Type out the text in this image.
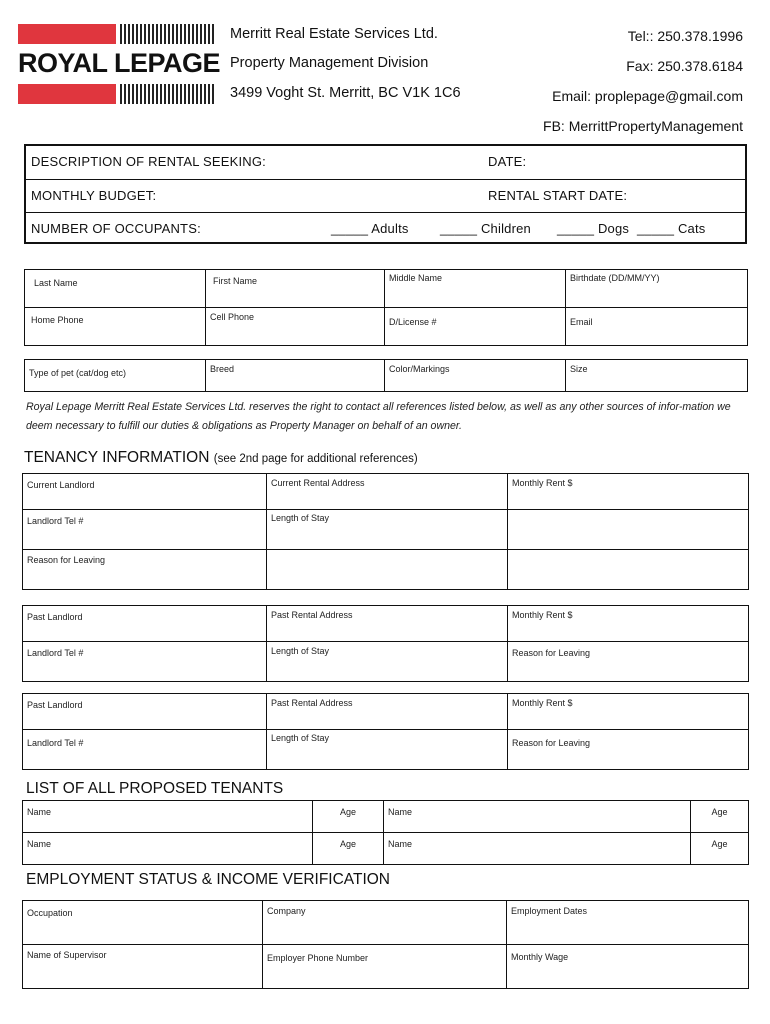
ROYAL LEPAGE
Merritt Real Estate Services Ltd.
Property Management Division
3499 Voght St. Merritt, BC V1K 1C6
Tel:: 250.378.1996
Fax: 250.378.6184
Email: proplepage@gmail.com
FB: MerrittPropertyManagement
DESCRIPTION OF RENTAL SEEKING:	DATE:
MONTHLY BUDGET:	RENTAL START DATE:
NUMBER OF OCCUPANTS:	_____ Adults _____ Children _____ Dogs _____ Cats
Last Name	First Name	Middle Name	Birthdate (DD/MM/YY)

Home Phone	Cell Phone	D/License #	Email
Type of pet (cat/dog etc)	Breed	Color/Markings	Size
Royal Lepage Merritt Real Estate Services Ltd. reserves the right to contact all references listed below, as well as any other sources of infor-mation we deem necessary to fulfill our duties & obligations as Property Manager on behalf of an owner.
TENANCY INFORMATION (see 2nd page for additional references)
Current Landlord	Current Rental Address	Monthly Rent $

Landlord Tel #	Length of Stay	

Reason for Leaving		

Past Landlord	Past Rental Address	Monthly Rent $

Landlord Tel #	Length of Stay	Reason for Leaving
Past Landlord	Past Rental Address	Monthly Rent $

Landlord Tel #	Length of Stay	Reason for Leaving
LIST OF ALL PROPOSED TENANTS
Name	Age	Name	Age

Name	Age	Name	Age
EMPLOYMENT STATUS & INCOME VERIFICATION
Occupation	Company	Employment Dates

Name of Supervisor	Employer Phone Number	Monthly Wage
